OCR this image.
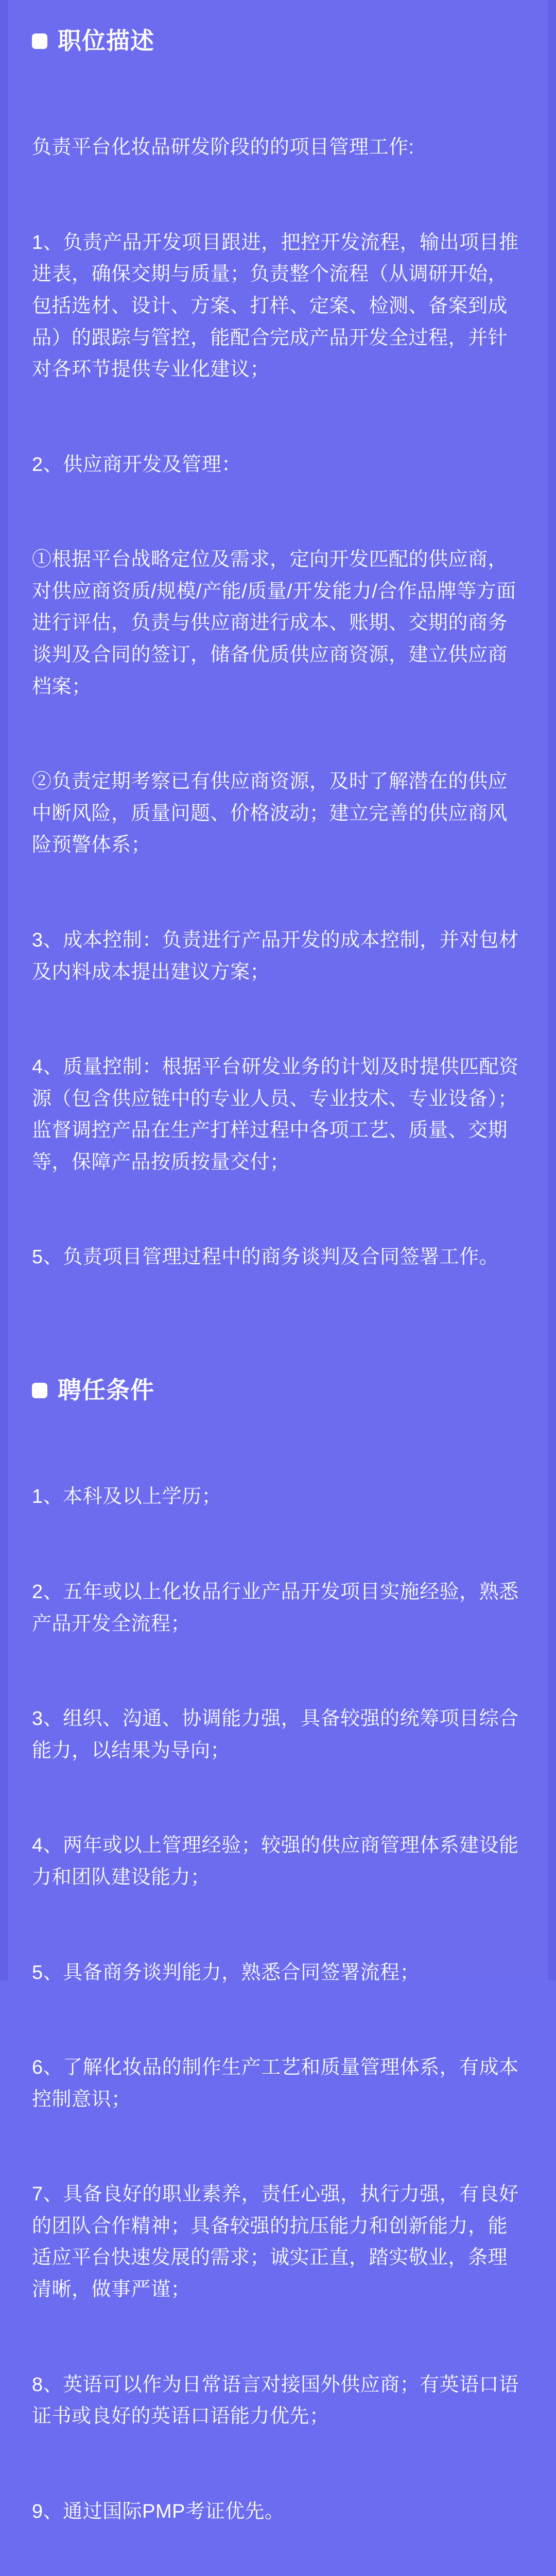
职位描述

负责平台化妆品研发阶段的的项目管理工作:

1、负责产品开发项目跟进，把控开发流程，输出项目推进表，确保交期与质量；负责整个流程（从调研开始，包括选材、设计、方案、打样、定案、检测、备案到成品）的跟踪与管控，能配合完成产品开发全过程，并针对各环节提供专业化建议；

2、供应商开发及管理：

①根据平台战略定位及需求，定向开发匹配的供应商，对供应商资质/规模/产能/质量/开发能力/合作品牌等方面进行评估，负责与供应商进行成本、账期、交期的商务谈判及合同的签订，储备优质供应商资源，建立供应商档案；

②负责定期考察已有供应商资源，及时了解潜在的供应中断风险，质量问题、价格波动；建立完善的供应商风险预警体系；

3、成本控制：负责进行产品开发的成本控制，并对包材及内料成本提出建议方案；

4、质量控制：根据平台研发业务的计划及时提供匹配资源（包含供应链中的专业人员、专业技术、专业设备）；监督调控产品在生产打样过程中各项工艺、质量、交期等，保障产品按质按量交付；

5、负责项目管理过程中的商务谈判及合同签署工作。

聘任条件

1、本科及以上学历；

2、五年或以上化妆品行业产品开发项目实施经验，熟悉产品开发全流程；

3、组织、沟通、协调能力强，具备较强的统筹项目综合能力，以结果为导向；

4、两年或以上管理经验；较强的供应商管理体系建设能力和团队建设能力；

5、具备商务谈判能力，熟悉合同签署流程；

6、了解化妆品的制作生产工艺和质量管理体系，有成本控制意识；

7、具备良好的职业素养，责任心强，执行力强，有良好的团队合作精神；具备较强的抗压能力和创新能力，能适应平台快速发展的需求；诚实正直，踏实敬业，条理清晰，做事严谨；

8、英语可以作为日常语言对接国外供应商；有英语口语证书或良好的英语口语能力优先；

9、通过国际PMP考证优先。
